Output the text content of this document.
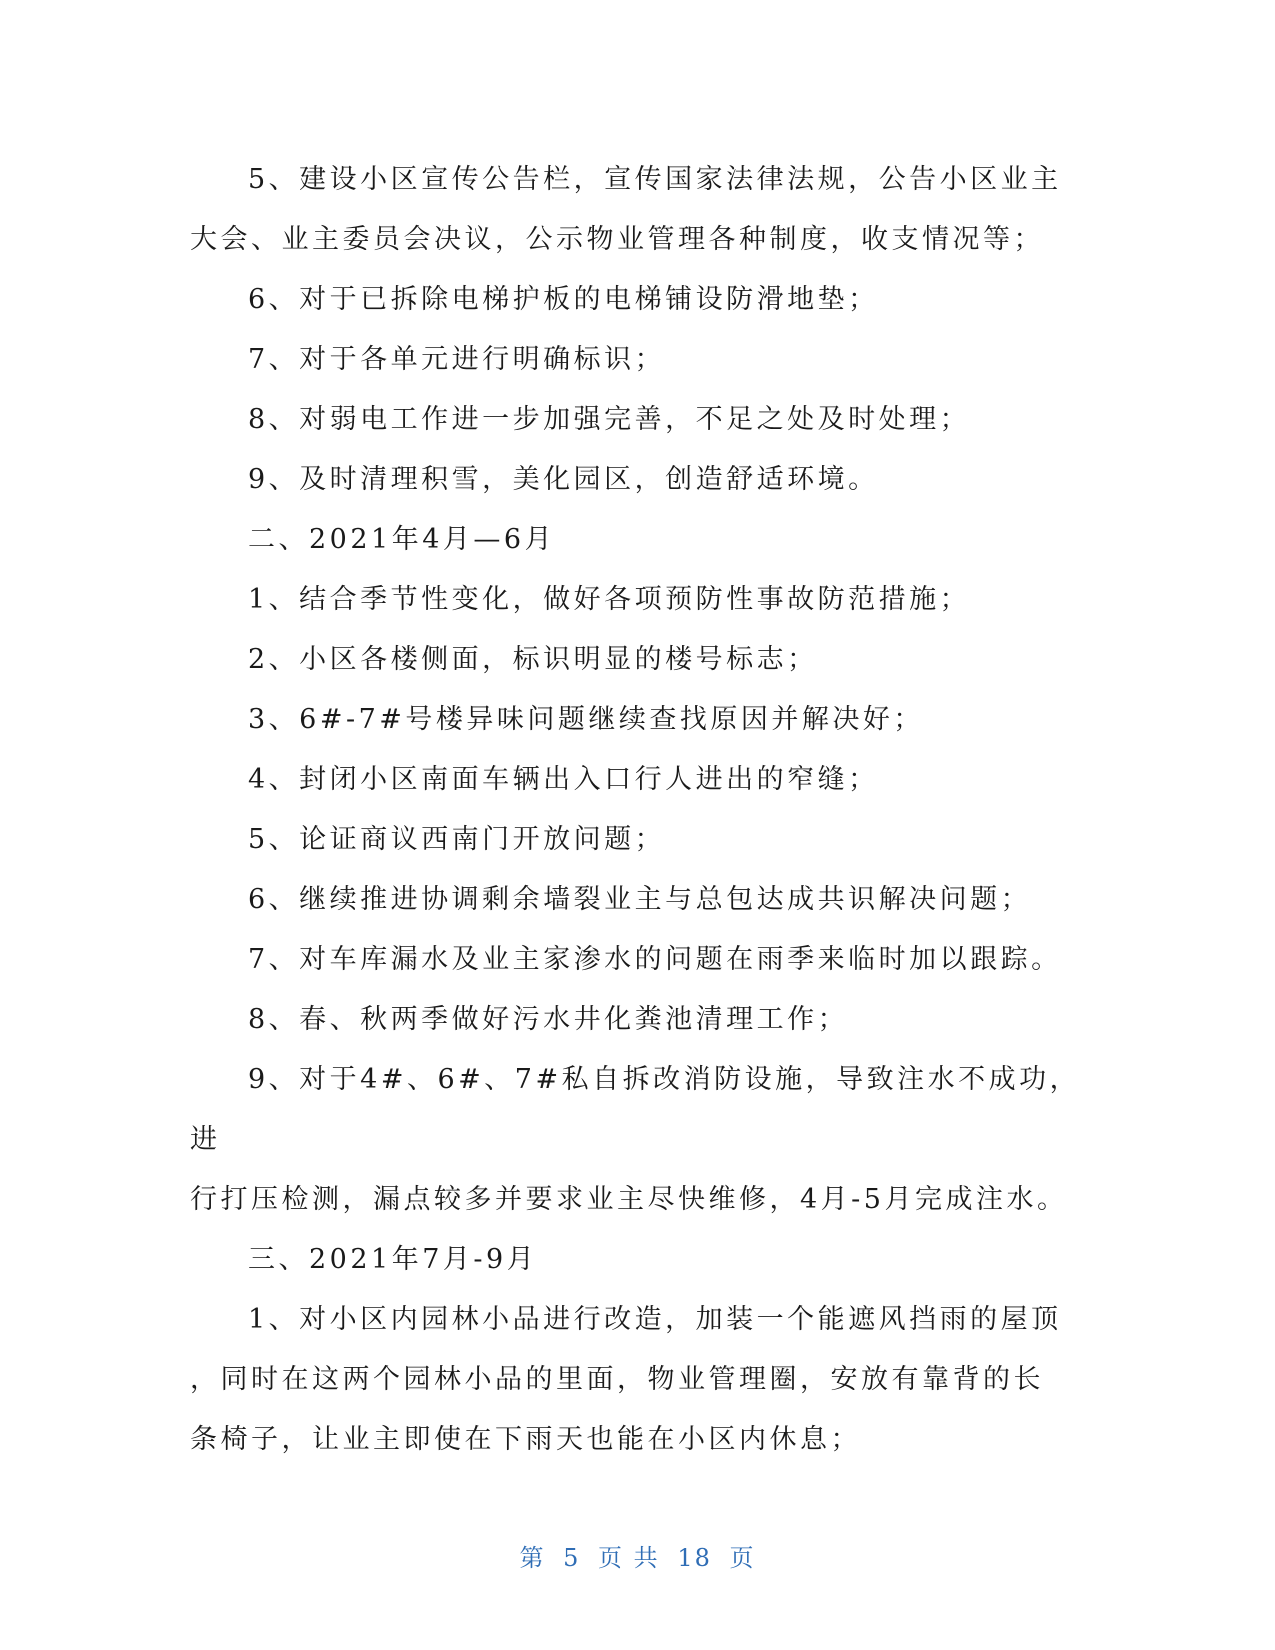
5、建设小区宣传公告栏，宣传国家法律法规，公告小区业主
大会、业主委员会决议，公示物业管理各种制度，收支情况等；

6、对于已拆除电梯护板的电梯铺设防滑地垫；

7、对于各单元进行明确标识；

8、对弱电工作进一步加强完善，不足之处及时处理；

9、及时清理积雪，美化园区，创造舒适环境。

二、2021年4月—6月

1、结合季节性变化，做好各项预防性事故防范措施；

2、小区各楼侧面，标识明显的楼号标志；

3、6#-7#号楼异味问题继续查找原因并解决好；

4、封闭小区南面车辆出入口行人进出的窄缝；

5、论证商议西南门开放问题；

6、继续推进协调剩余墙裂业主与总包达成共识解决问题；

7、对车库漏水及业主家渗水的问题在雨季来临时加以跟踪。

8、春、秋两季做好污水井化粪池清理工作；

9、对于4#、6#、7#私自拆改消防设施，导致注水不成功，进
行打压检测，漏点较多并要求业主尽快维修，4月-5月完成注水。

三、2021年7月-9月

1、对小区内园林小品进行改造，加装一个能遮风挡雨的屋顶
，同时在这两个园林小品的里面，物业管理圈，安放有靠背的长
条椅子，让业主即使在下雨天也能在小区内休息；

第 5 页 共 18 页
